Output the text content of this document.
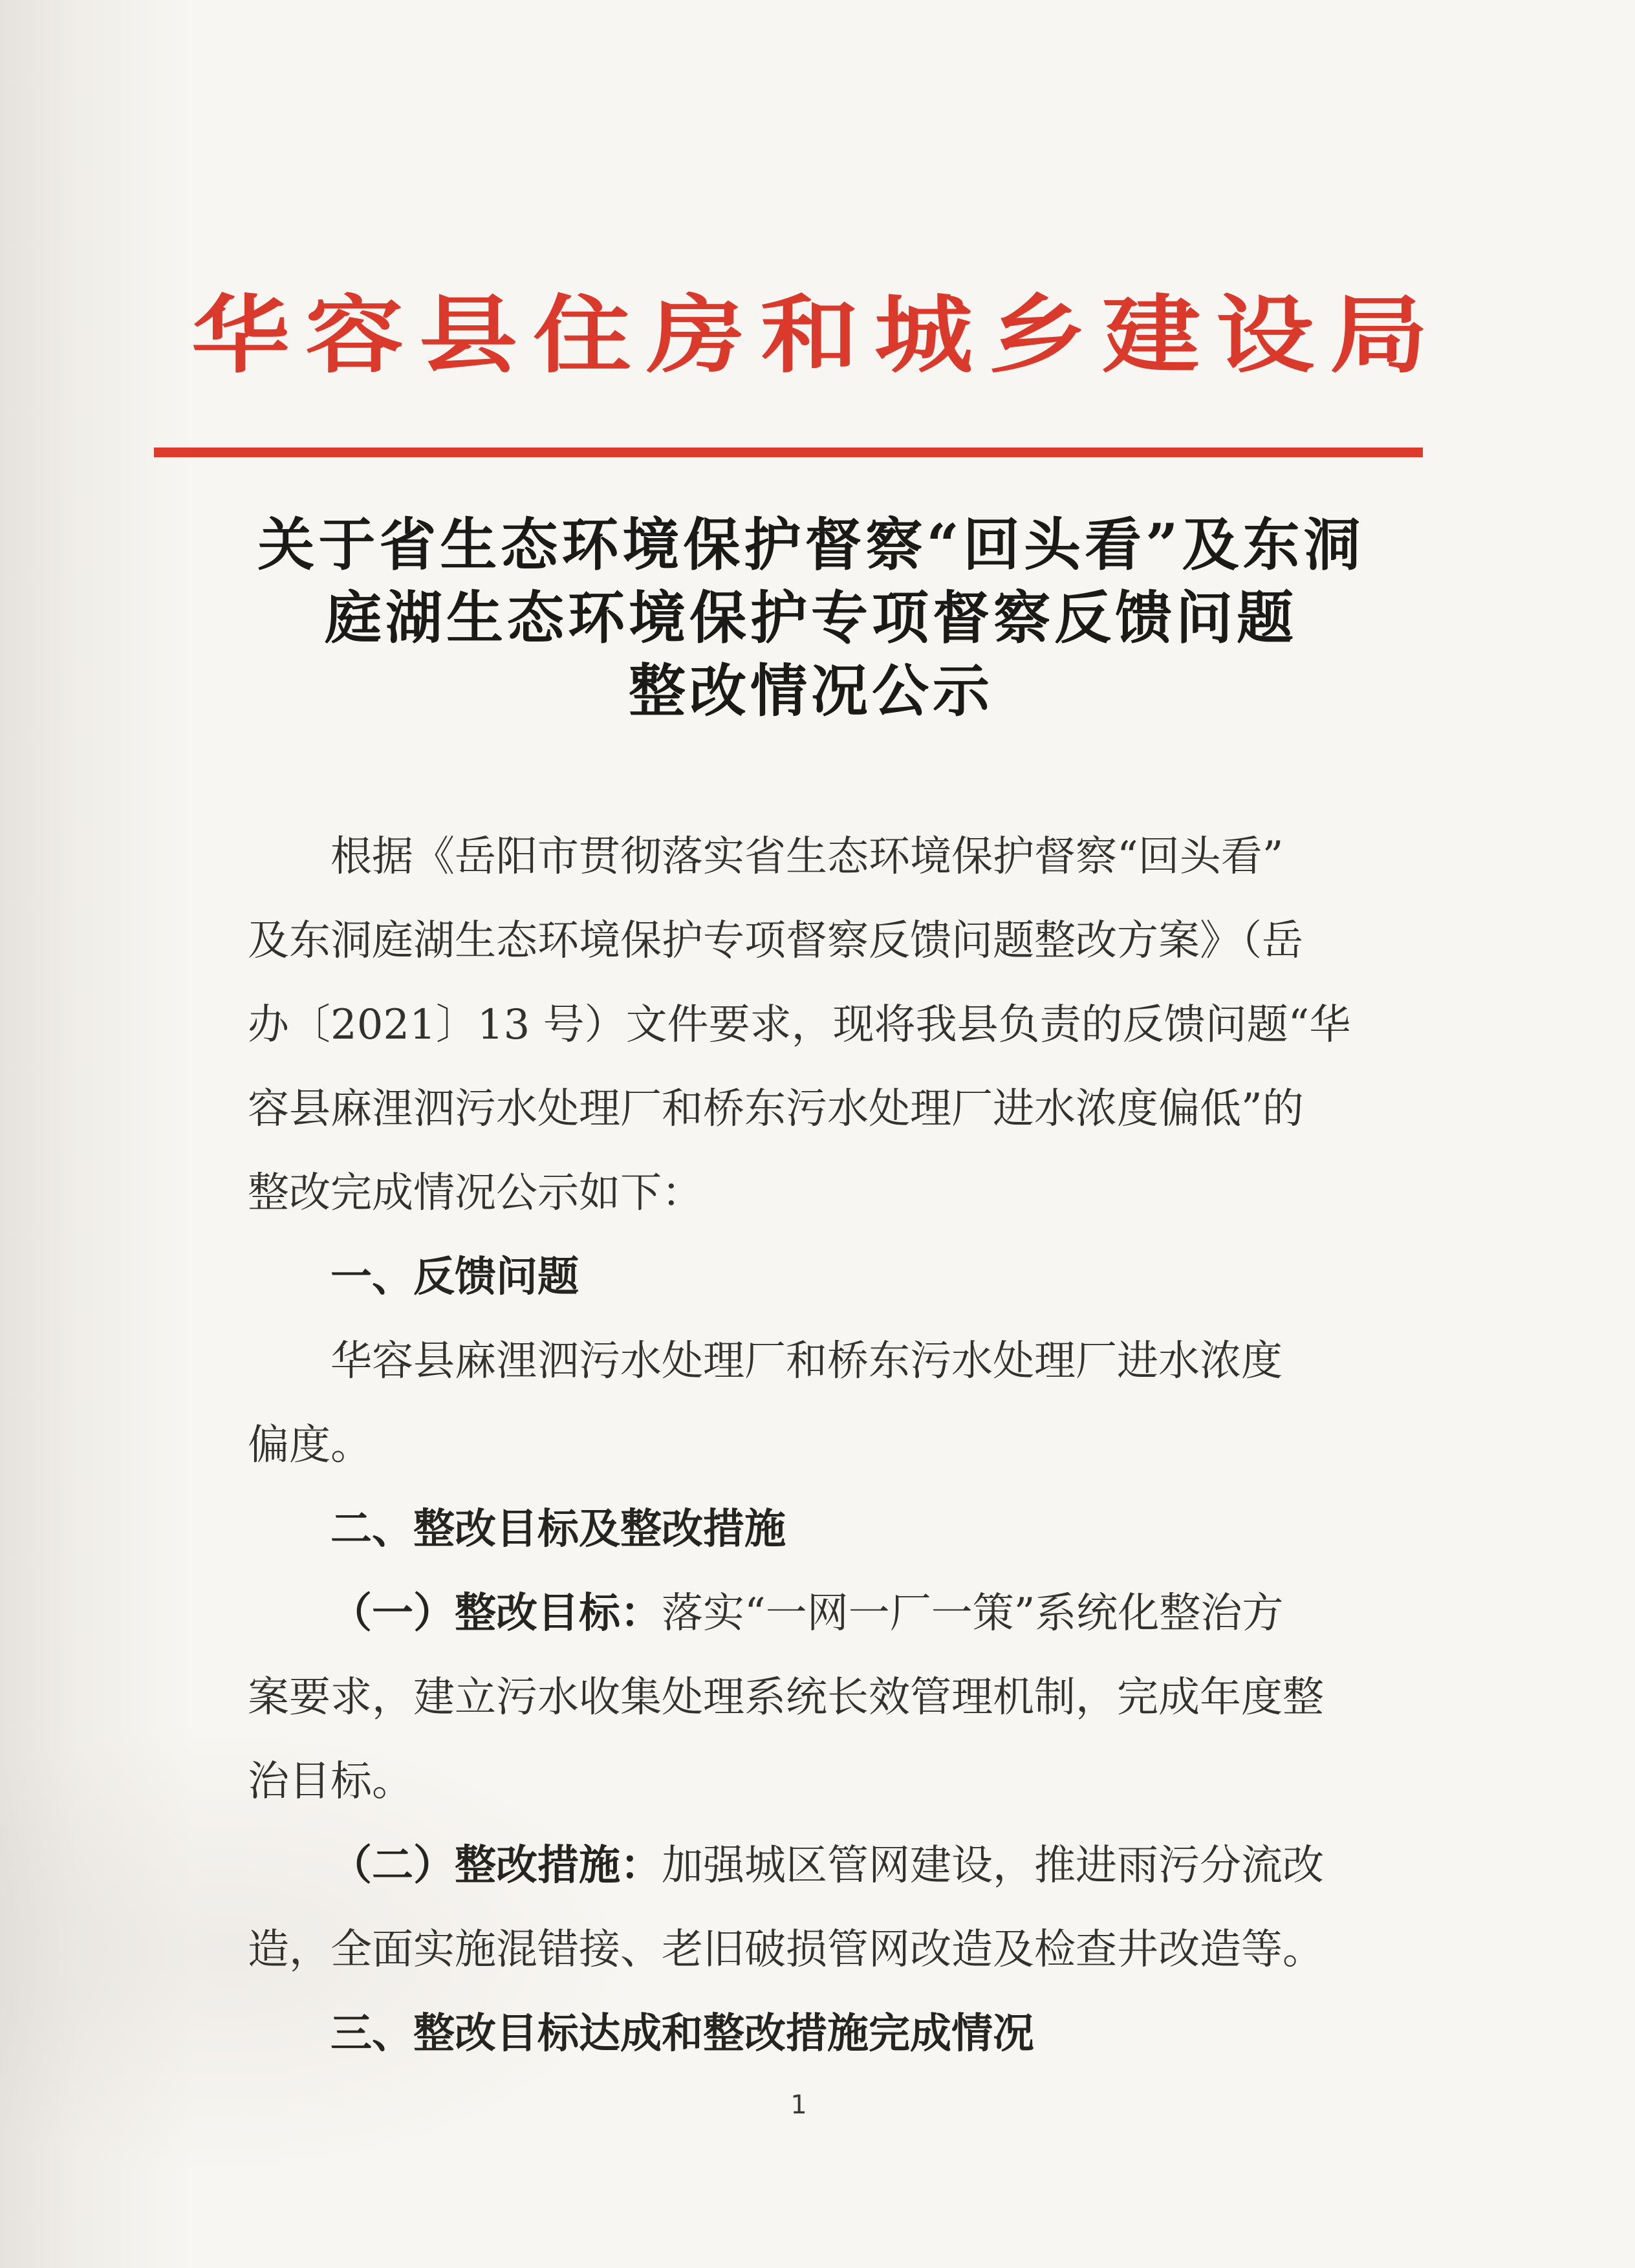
华容县住房和城乡建设局
关于省生态环境保护督察“回头看”及东洞
庭湖生态环境保护专项督察反馈问题
整改情况公示
根据《岳阳市贯彻落实省生态环境保护督察“回头看”
及东洞庭湖生态环境保护专项督察反馈问题整改方案》（岳
办〔2021〕13 号）文件要求，现将我县负责的反馈问题“华
容县麻浬泗污水处理厂和桥东污水处理厂进水浓度偏低”的
整改完成情况公示如下：
一、反馈问题
华容县麻浬泗污水处理厂和桥东污水处理厂进水浓度
偏度。
二、整改目标及整改措施
（一）整改目标：落实“一网一厂一策”系统化整治方
案要求，建立污水收集处理系统长效管理机制，完成年度整
治目标。
（二）整改措施：加强城区管网建设，推进雨污分流改
造，全面实施混错接、老旧破损管网改造及检查井改造等。
三、整改目标达成和整改措施完成情况
1
